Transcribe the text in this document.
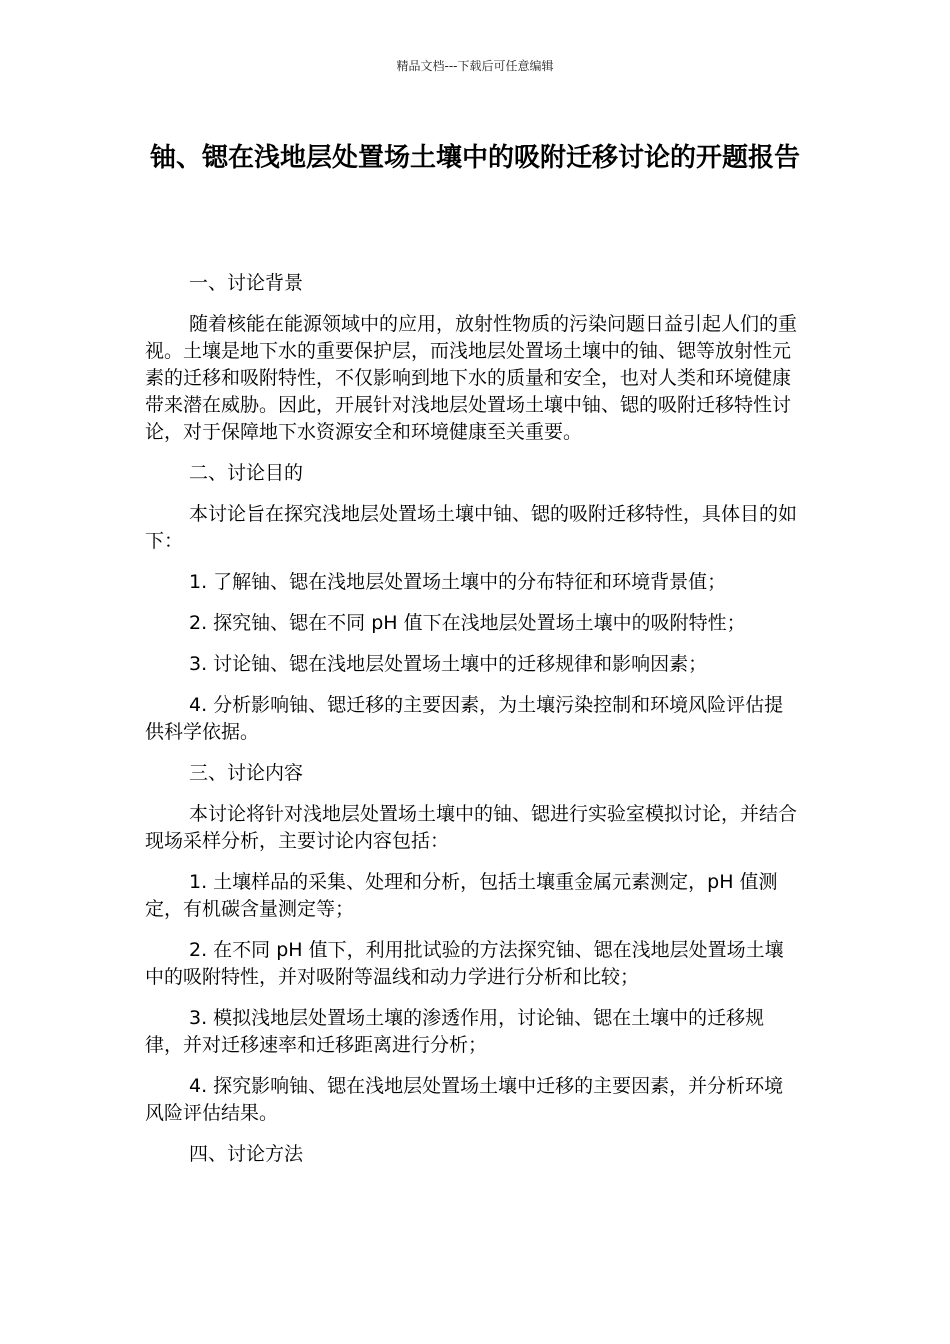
精品文档---下载后可任意编辑
铀、锶在浅地层处置场土壤中的吸附迁移讨论的开题报告

一、讨论背景

随着核能在能源领域中的应用，放射性物质的污染问题日益引起人们的重视。土壤是地下水的重要保护层，而浅地层处置场土壤中的铀、锶等放射性元素的迁移和吸附特性，不仅影响到地下水的质量和安全，也对人类和环境健康带来潜在威胁。因此，开展针对浅地层处置场土壤中铀、锶的吸附迁移特性讨论，对于保障地下水资源安全和环境健康至关重要。

二、讨论目的

本讨论旨在探究浅地层处置场土壤中铀、锶的吸附迁移特性，具体目的如下：

1. 了解铀、锶在浅地层处置场土壤中的分布特征和环境背景值；

2. 探究铀、锶在不同 pH 值下在浅地层处置场土壤中的吸附特性；

3. 讨论铀、锶在浅地层处置场土壤中的迁移规律和影响因素；

4. 分析影响铀、锶迁移的主要因素，为土壤污染控制和环境风险评估提供科学依据。

三、讨论内容

本讨论将针对浅地层处置场土壤中的铀、锶进行实验室模拟讨论，并结合现场采样分析，主要讨论内容包括：

1. 土壤样品的采集、处理和分析，包括土壤重金属元素测定，pH 值测定，有机碳含量测定等；

2. 在不同 pH 值下，利用批试验的方法探究铀、锶在浅地层处置场土壤中的吸附特性，并对吸附等温线和动力学进行分析和比较；

3. 模拟浅地层处置场土壤的渗透作用，讨论铀、锶在土壤中的迁移规律，并对迁移速率和迁移距离进行分析；

4. 探究影响铀、锶在浅地层处置场土壤中迁移的主要因素，并分析环境风险评估结果。

四、讨论方法
